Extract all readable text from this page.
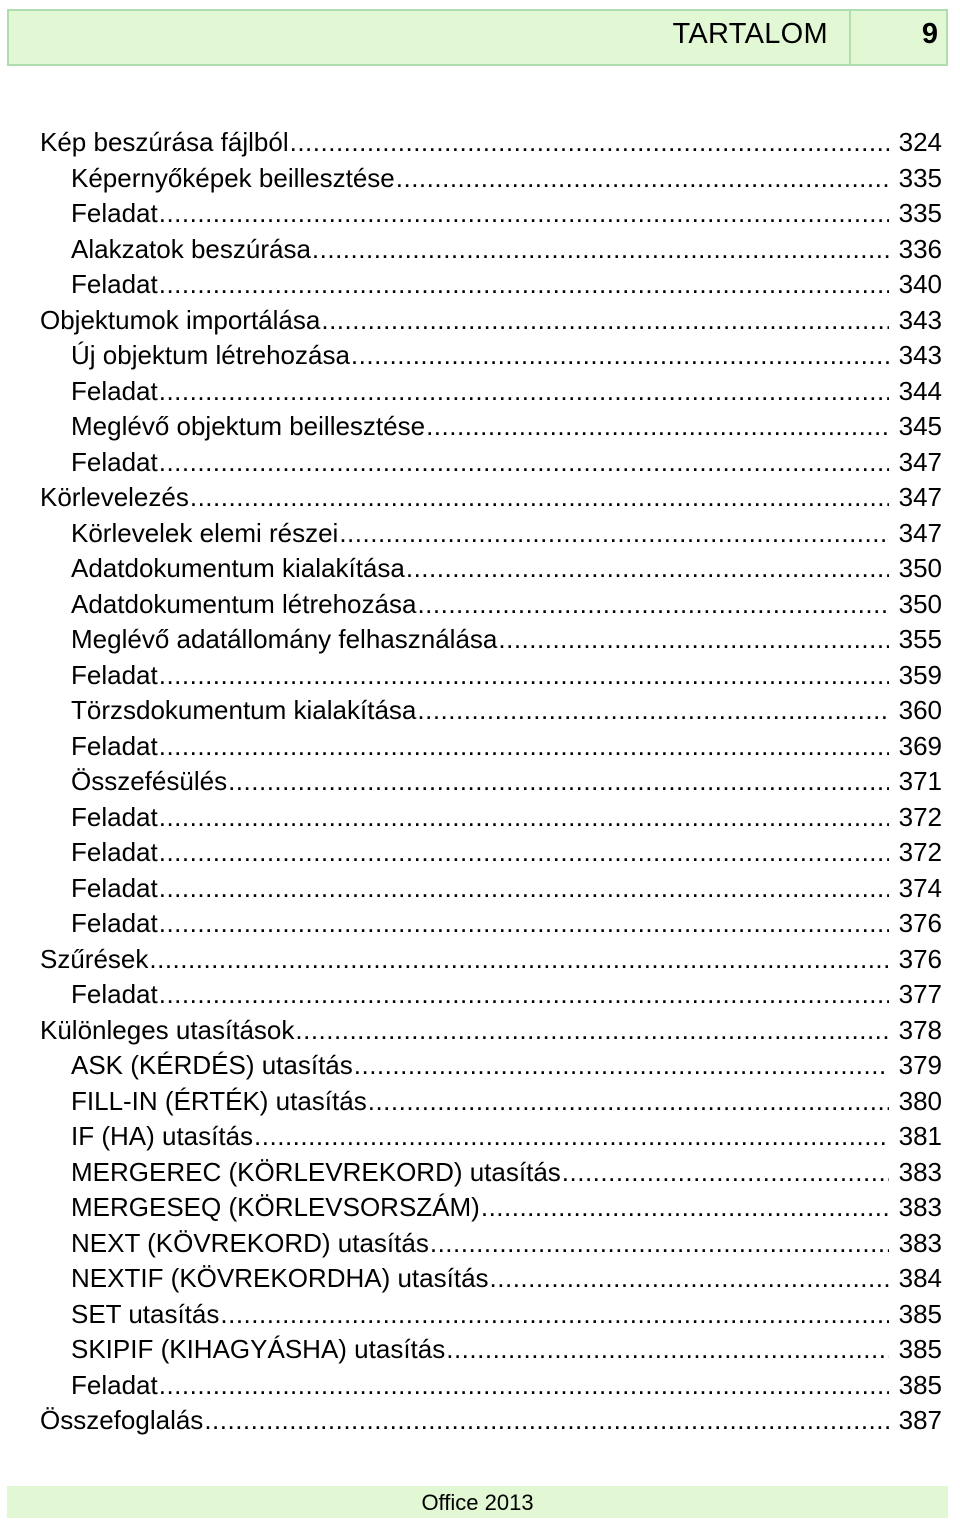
TARTALOM	9
Kép beszúrása fájlból .....	324
Képernyőképek beillesztése .....	335
Feladat .....	335
Alakzatok beszúrása .....	336
Feladat .....	340
Objektumok importálása .....	343
Új objektum létrehozása .....	343
Feladat .....	344
Meglévő objektum beillesztése .....	345
Feladat .....	347
Körlevelezés .....	347
Körlevelek elemi részei .....	347
Adatdokumentum kialakítása .....	350
Adatdokumentum létrehozása .....	350
Meglévő adatállomány felhasználása .....	355
Feladat .....	359
Törzsdokumentum kialakítása .....	360
Feladat .....	369
Összefésülés .....	371
Feladat .....	372
Feladat .....	372
Feladat .....	374
Feladat .....	376
Szűrések .....	376
Feladat .....	377
Különleges utasítások .....	378
ASK (KÉRDÉS) utasítás .....	379
FILL-IN (ÉRTÉK) utasítás .....	380
IF (HA) utasítás .....	381
MERGEREC (KÖRLEVREKORD) utasítás .....	383
MERGESEQ (KÖRLEVSORSZÁM) .....	383
NEXT (KÖVREKORD) utasítás .....	383
NEXTIF (KÖVREKORDHA) utasítás .....	384
SET utasítás .....	385
SKIPIF (KIHAGYÁSHA) utasítás .....	385
Feladat .....	385
Összefoglalás .....	387
Office 2013
